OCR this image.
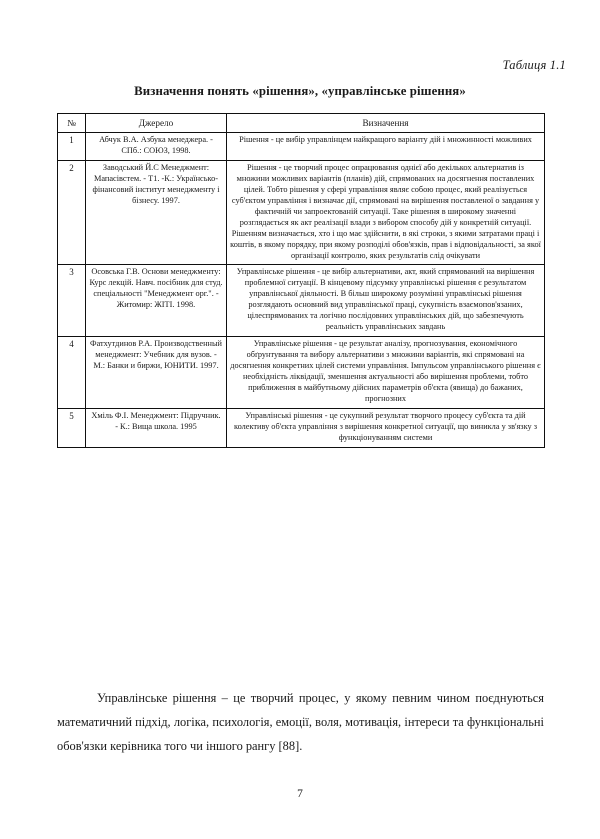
Таблиця 1.1
Визначення понять «рішення», «управлінське рішення»
№	Джерело	Визначення
1	Абчук В.А. Азбука менеджера. - СПб.: СОЮЗ, 1998.	Рішення - це вибір управлінцем найкращого варіанту дій і множинності можливих
2	Заводський Й.С Менеджмент: Мапасівстем. - Т1. -К.: Українсько-фінансовий інститут менеджменту і бізнесу. 1997.	Рішення - це творчий процес опрацювання однієї або декількох альтернатив із множини можливих варіантів (планів) дій, спрямованих на досягнення поставлених цілей. Тобто рішення у сфері управління являє собою процес, який реалізується суб'єктом управління і визначає дії, спрямовані на вирішення поставленої о завдання у фактичній чи запроектованій ситуації. Таке рішення в широкому значенні розглядається як акт реалізації влади з вибором способу дій у конкретній ситуації. Рішенням визначається, хто і що має здійснити, в які строки, з якими затратами праці і коштів, в якому порядку, при якому розподілі обов'язків, прав і відповідальності, за якої організації контролю, яких результатів слід очікувати
3	Осовська Г.В. Основи менеджменту: Курс лекцій. Навч. посібник для студ. спеціальності "Менеджмент орг.". - Житомир: ЖІТІ. 1998.	Управлінське рішення - це вибір альтернативи, акт, який спрямований на вирішення проблемної ситуації. В кінцевому підсумку управлінські рішення є результатом управлінської діяльності. В більш широкому розумінні управлінські рішення розглядають основний вид управлінської праці, сукупність взаємопов'язаних, цілеспрямованих та логічно послідовних управлінських дій, що забезпечують реальність управлінських завдань
4	Фатхутдинов Р.А. Производственный менеджмент: Учебник для вузов. - М.: Банки и биржи, ЮНИТИ. 1997.	Управлінське рішення - це результат аналізу, прогнозування, економічного обґрунтування та вибору альтернативи з множини варіантів, які спрямовані на досягнення конкретних цілей системи управління. Імпульсом управлінського рішення є необхідність ліквідації, зменшення актуальності або вирішення проблеми, тобто приближення в майбутньому дійсних параметрів об'єкта (явища) до бажаних, прогнозних
5	Хміль Ф.І. Менеджмент: Підручник. - К.: Вища школа. 1995	Управлінські рішення - це сукупний результат творчого процесу суб'єкта та дій колективу об'єкта управління з вирішення конкретної ситуації, що виникла у зв'язку з функціонуванням системи
Управлінське рішення – це творчий процес, у якому певним чином поєднуються математичний підхід, логіка, психологія, емоції, воля, мотивація, інтереси та функціональні обов'язки керівника того чи іншого рангу [88].
7
